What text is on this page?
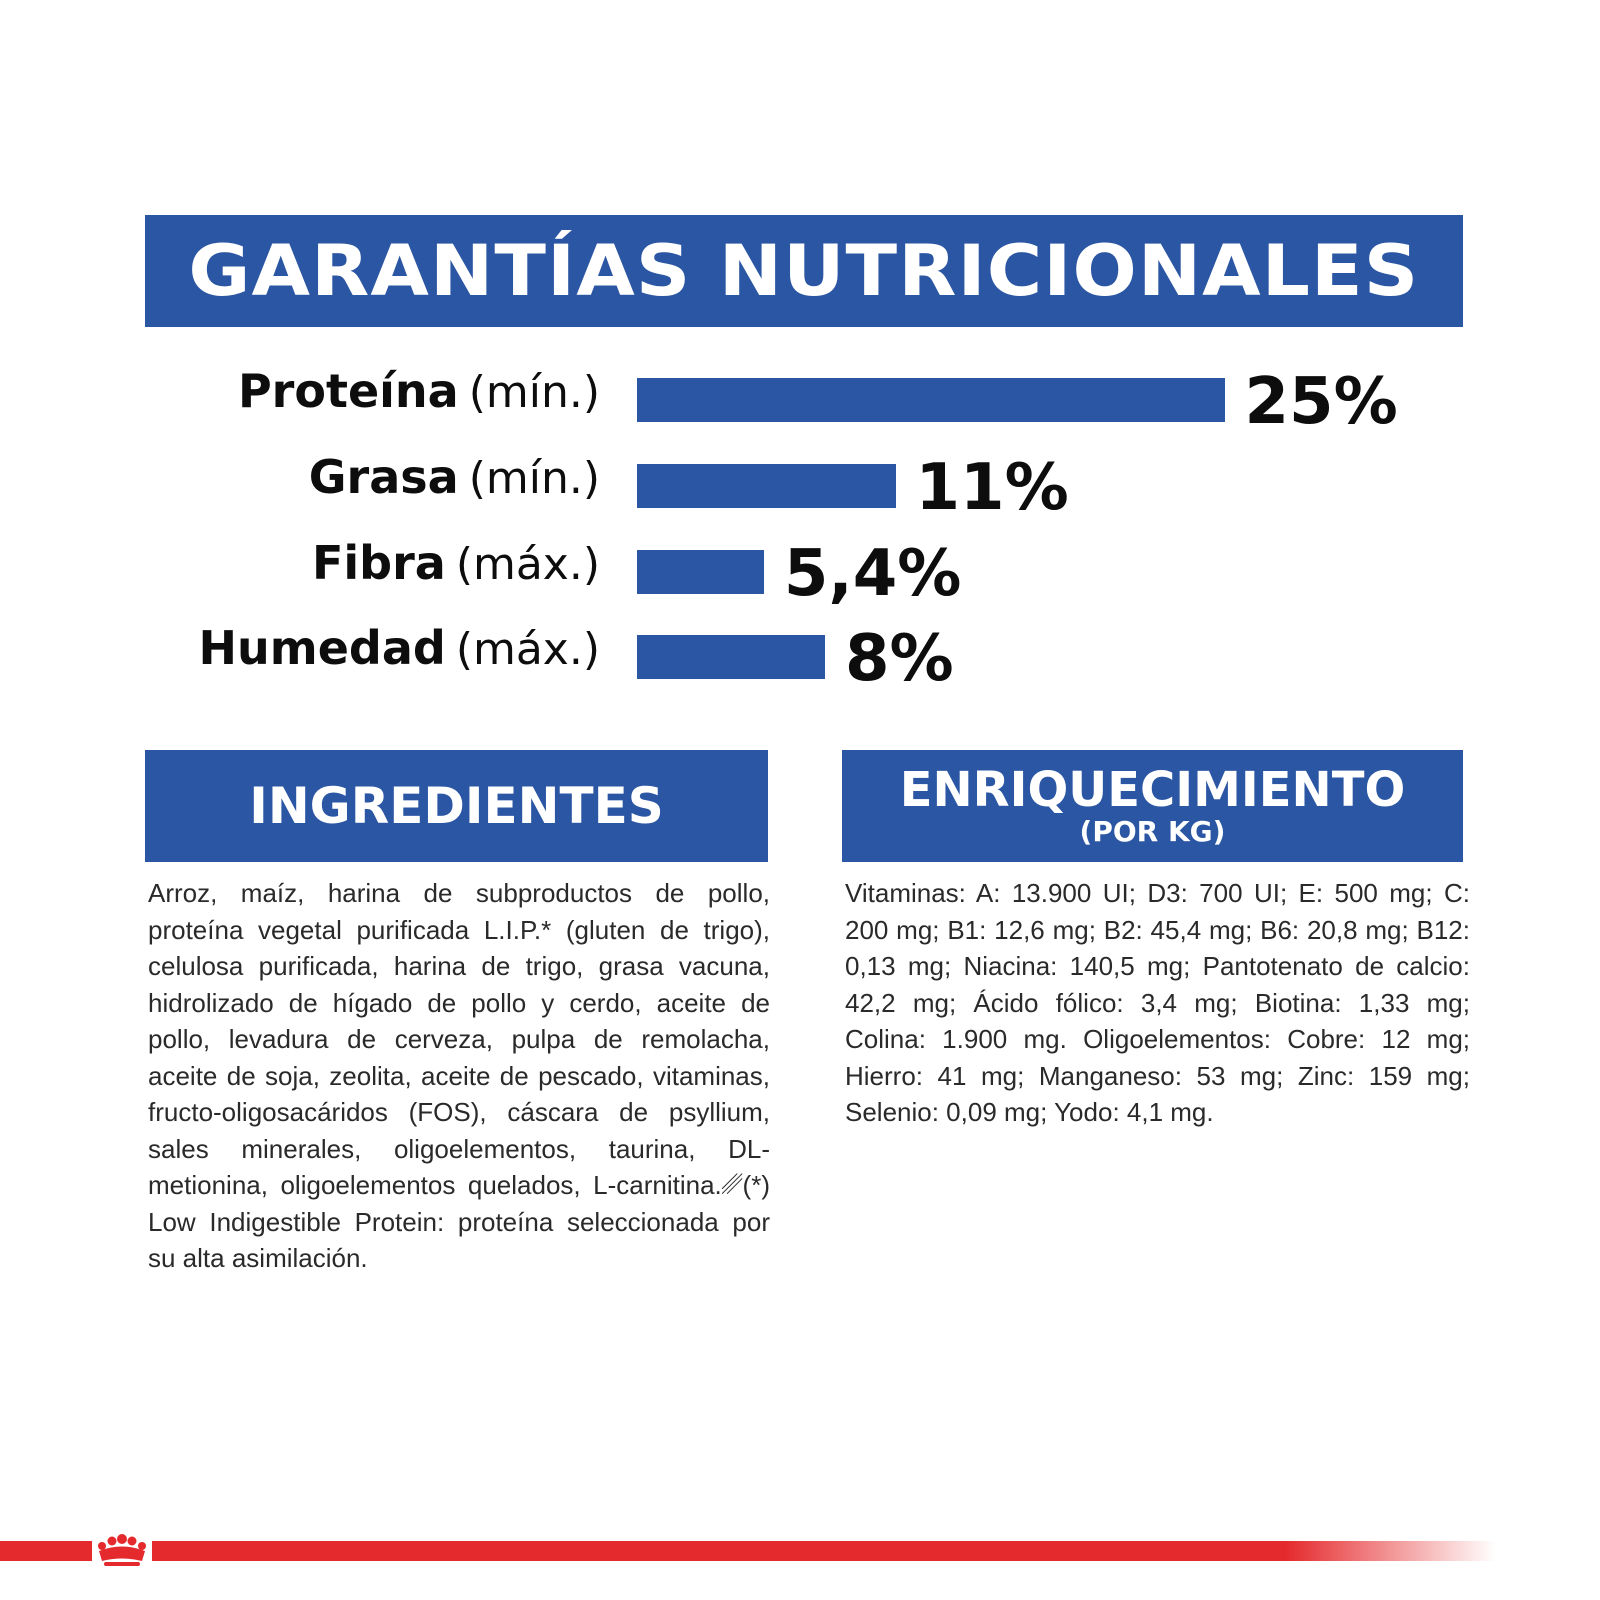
GARANTÍAS NUTRICIONALES
Proteína (mín.)	25%
Grasa (mín.)	11%
Fibra (máx.)	5,4%
Humedad (máx.)	8%
INGREDIENTES

Arroz, maíz, harina de subproductos de pollo, proteína vegetal purificada L.I.P.* (gluten de trigo), celulosa purificada, harina de trigo, grasa vacuna, hidrolizado de hígado de pollo y cerdo, aceite de pollo, levadura de cerveza, pulpa de remolacha, aceite de soja, zeolita, aceite de pescado, vitaminas, fructo-oligosacáridos (FOS), cáscara de psyllium, sales minerales, oligoelementos, taurina, DL-metionina, oligoelementos quelados, L-carnitina.␥(*) Low Indigestible Protein: proteína seleccionada por su alta asimilación.

ENRIQUECIMIENTO
(POR KG)

Vitaminas: A: 13.900 UI; D3: 700 UI; E: 500 mg; C: 200 mg; B1: 12,6 mg; B2: 45,4 mg; B6: 20,8 mg; B12: 0,13 mg; Niacina: 140,5 mg; Pantotenato de calcio: 42,2 mg; Ácido fólico: 3,4 mg; Biotina: 1,33 mg; Colina: 1.900 mg. Oligoelementos: Cobre: 12 mg; Hierro: 41 mg; Manganeso: 53 mg; Zinc: 159 mg; Selenio: 0,09 mg; Yodo: 4,1 mg.
